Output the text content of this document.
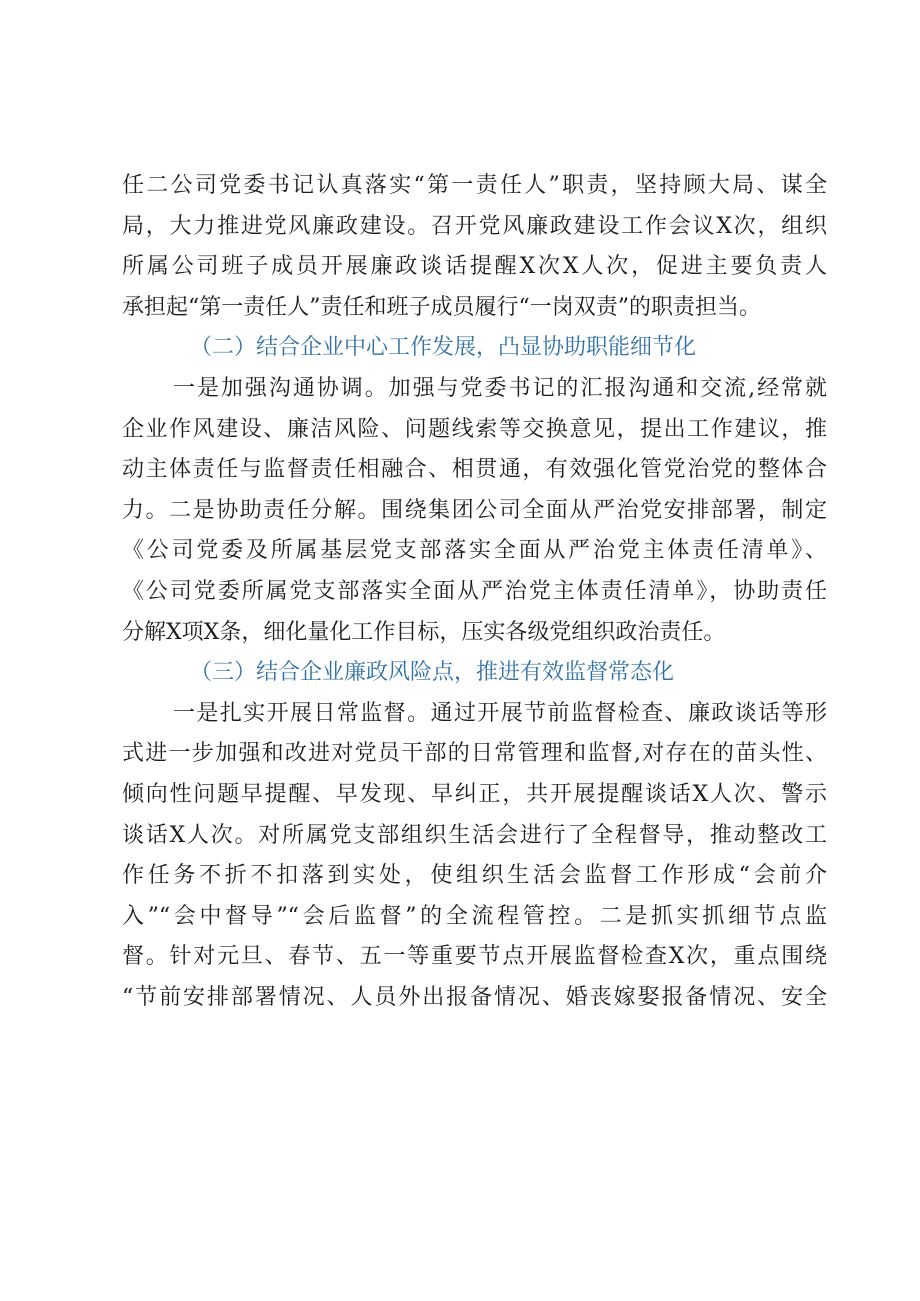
任二公司党委书记认真落实“第一责任人”职责，坚持顾大局、谋全
局，大力推进党风廉政建设。召开党风廉政建设工作会议X次，组织
所属公司班子成员开展廉政谈话提醒X次X人次，促进主要负责人
承担起“第一责任人”责任和班子成员履行“一岗双责”的职责担当。
（二）结合企业中心工作发展，凸显协助职能细节化
一是加强沟通协调。加强与党委书记的汇报沟通和交流,经常就
企业作风建设、廉洁风险、问题线索等交换意见，提出工作建议，推
动主体责任与监督责任相融合、相贯通，有效强化管党治党的整体合
力。二是协助责任分解。围绕集团公司全面从严治党安排部署，制定
《公司党委及所属基层党支部落实全面从严治党主体责任清单》、
《公司党委所属党支部落实全面从严治党主体责任清单》，协助责任
分解X项X条，细化量化工作目标，压实各级党组织政治责任。
（三）结合企业廉政风险点，推进有效监督常态化
一是扎实开展日常监督。通过开展节前监督检查、廉政谈话等形
式进一步加强和改进对党员干部的日常管理和监督,对存在的苗头性、
倾向性问题早提醒、早发现、早纠正，共开展提醒谈话X人次、警示
谈话X人次。对所属党支部组织生活会进行了全程督导，推动整改工
作任务不折不扣落到实处，使组织生活会监督工作形成“会前介
入”“会中督导”“会后监督”的全流程管控。二是抓实抓细节点监
督。针对元旦、春节、五一等重要节点开展监督检查X次，重点围绕
“节前安排部署情况、人员外出报备情况、婚丧嫁娶报备情况、安全
